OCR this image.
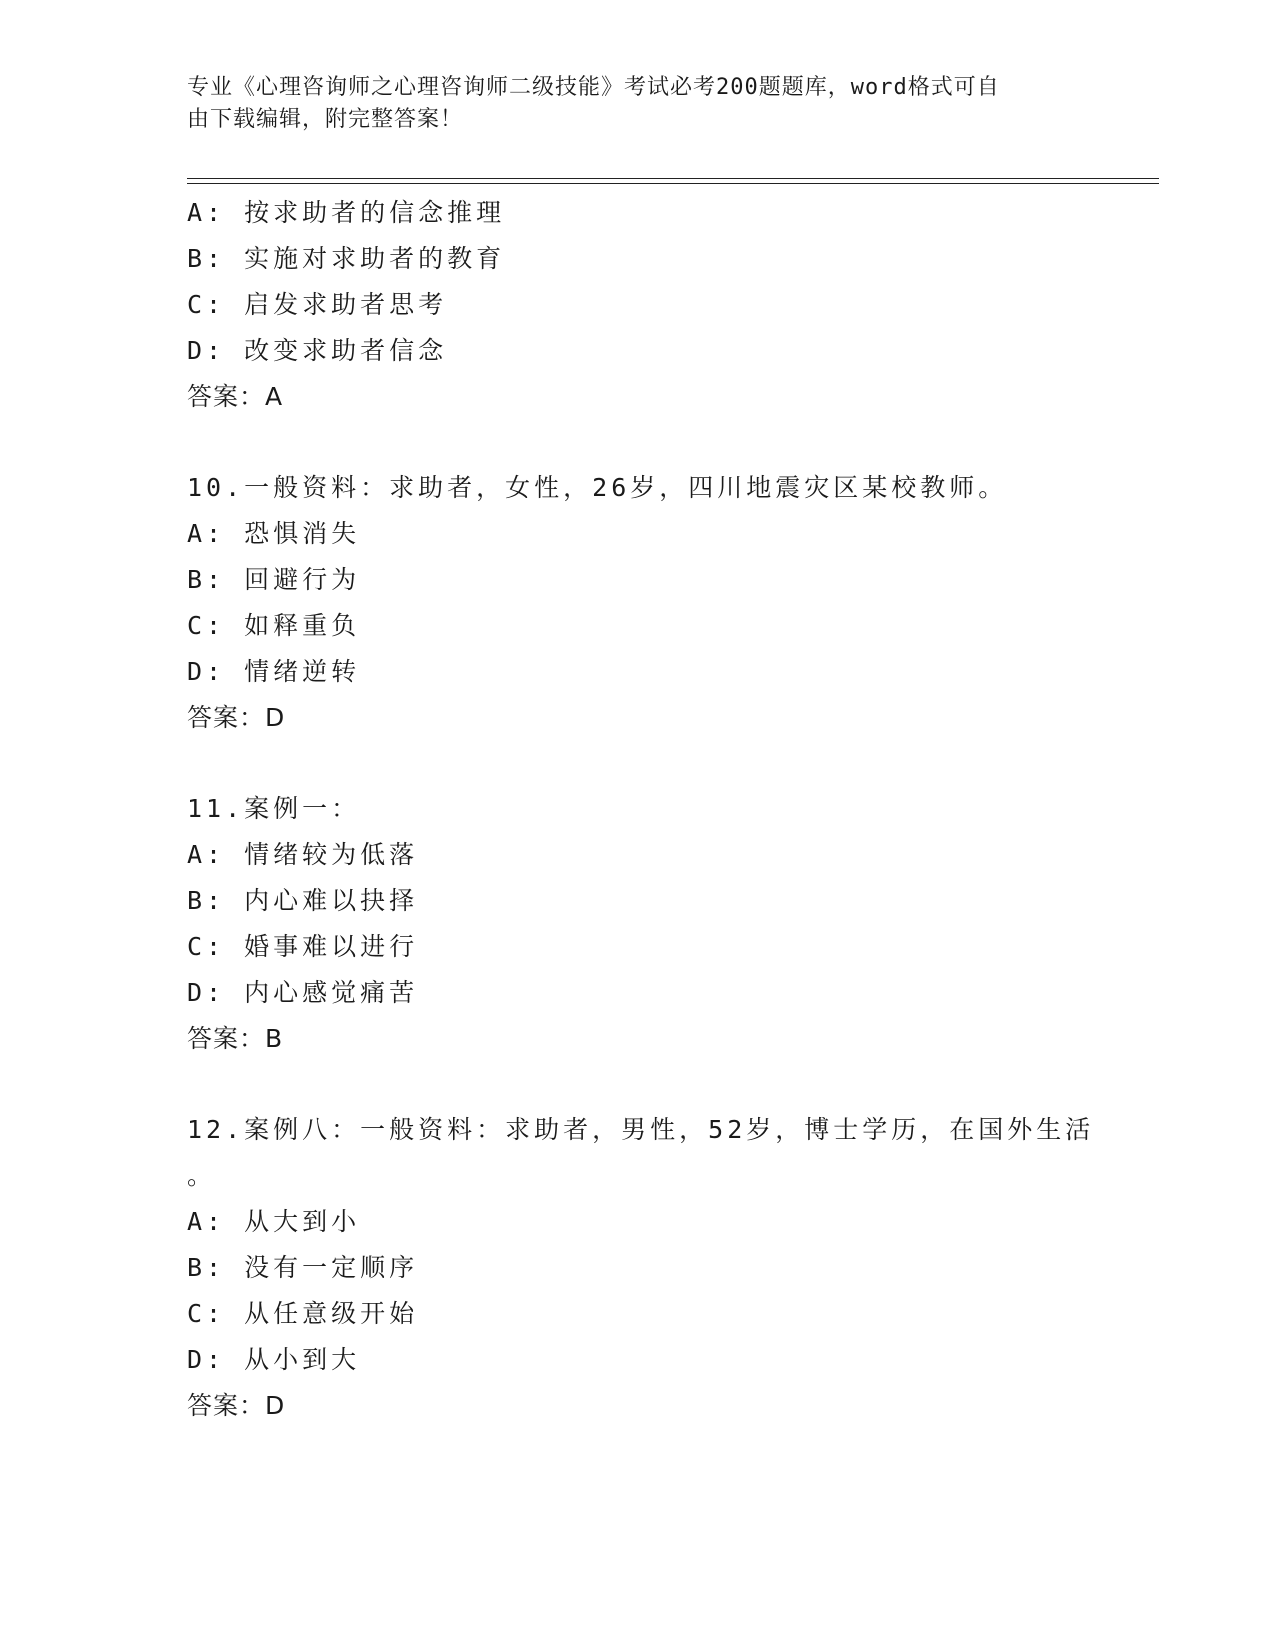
专业《心理咨询师之心理咨询师二级技能》考试必考200题题库，word格式可自
由下载编辑，附完整答案！
A: 按求助者的信念推理
B: 实施对求助者的教育
C: 启发求助者思考
D: 改变求助者信念
答案：A
10.一般资料：求助者，女性，26岁，四川地震灾区某校教师。
A: 恐惧消失
B: 回避行为
C: 如释重负
D: 情绪逆转
答案：D
11.案例一：
A: 情绪较为低落
B: 内心难以抉择
C: 婚事难以进行
D: 内心感觉痛苦
答案：B
12.案例八：一般资料：求助者，男性，52岁，博士学历，在国外生活
。
A: 从大到小
B: 没有一定顺序
C: 从任意级开始
D: 从小到大
答案：D
